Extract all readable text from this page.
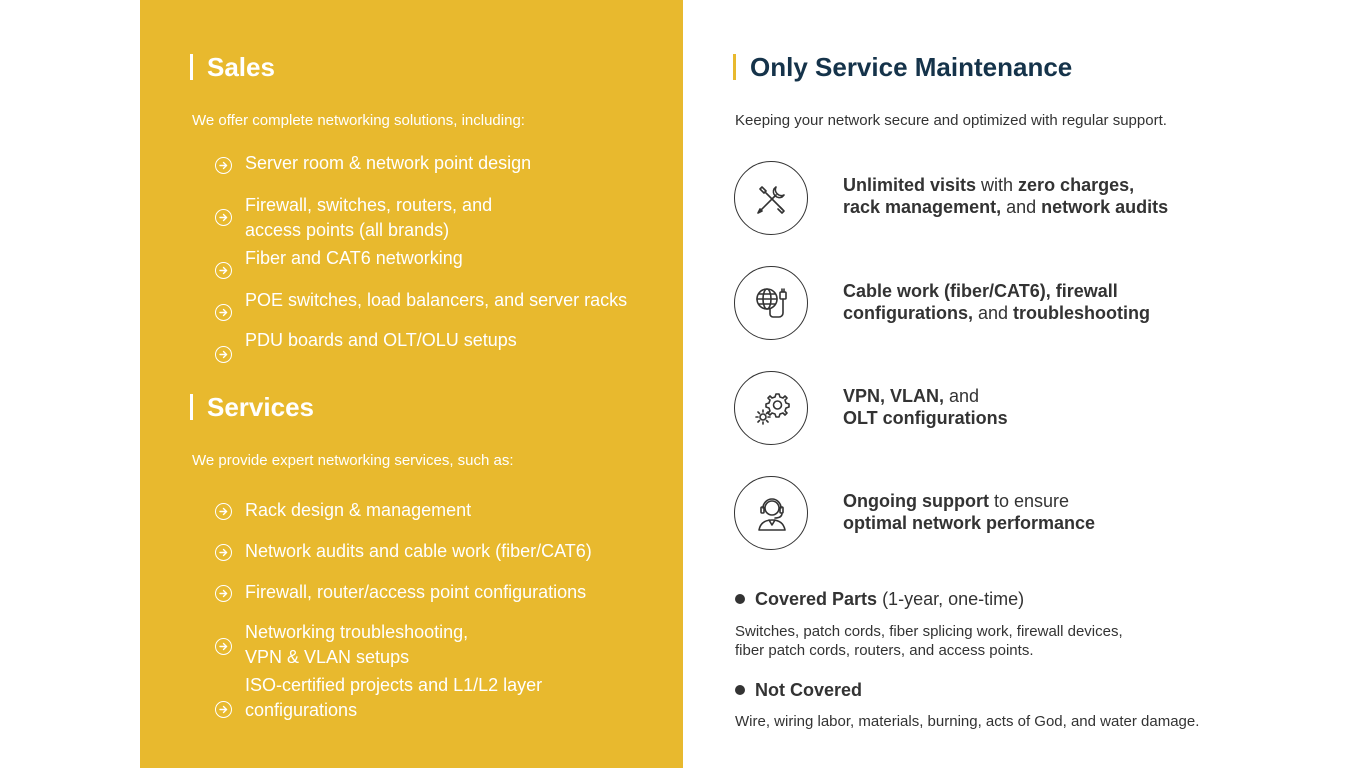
Sales
We offer complete networking solutions, including:
Server room & network point design
Firewall, switches, routers, and
access points (all brands)
Fiber and CAT6 networking
POE switches, load balancers, and server racks
PDU boards and OLT/OLU setups
Services
We provide expert networking services, such as:
Rack design & management
Network audits and cable work (fiber/CAT6)
Firewall, router/access point configurations
Networking troubleshooting,
VPN & VLAN setups
ISO-certified projects and L1/L2 layer
configurations
Only Service Maintenance
Keeping your network secure and optimized with regular support.
Unlimited visits with zero charges,
rack management, and network audits
Cable work (fiber/CAT6), firewall
configurations, and troubleshooting
VPN, VLAN, and
OLT configurations
Ongoing support to ensure
optimal network performance
Covered Parts (1-year, one-time)
Switches, patch cords, fiber splicing work, firewall devices,
fiber patch cords, routers, and access points.
Not Covered
Wire, wiring labor, materials, burning, acts of God, and water damage.
